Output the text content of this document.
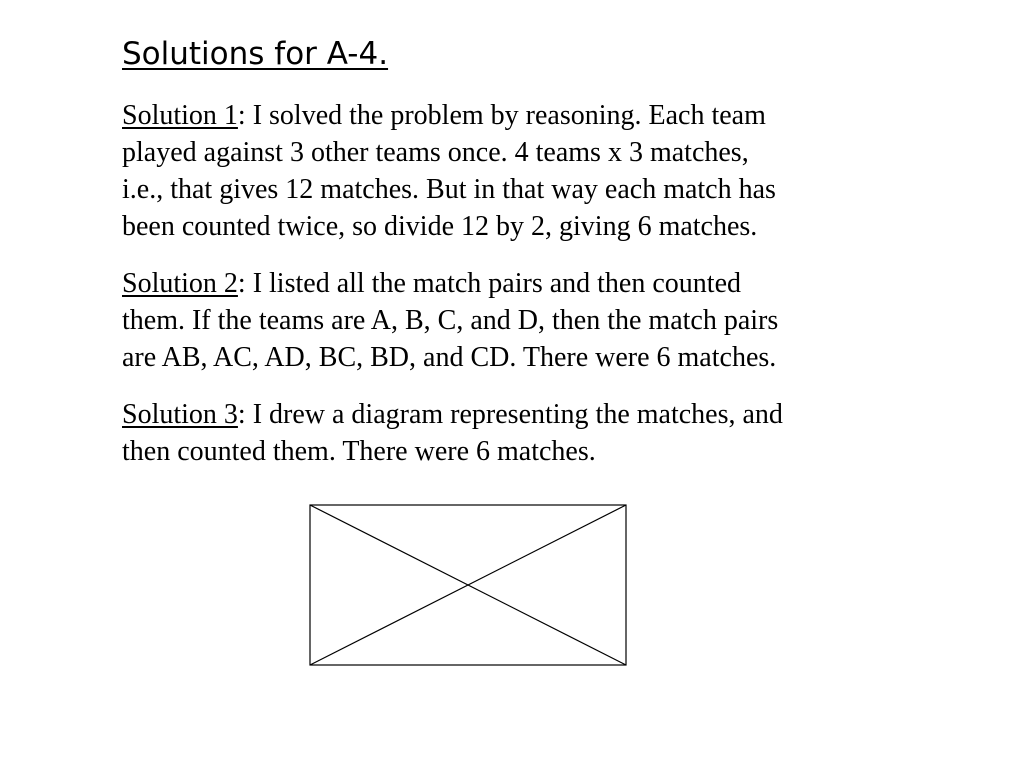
Solutions for A-4.

Solution 1: I solved the problem by reasoning. Each team
played against 3 other teams once. 4 teams x 3 matches,
i.e., that gives 12 matches. But in that way each match has
been counted twice, so divide 12 by 2, giving 6 matches.

Solution 2: I listed all the match pairs and then counted
them. If the teams are A, B, C, and D, then the match pairs
are AB, AC, AD, BC, BD, and CD. There were 6 matches.

Solution 3: I drew a diagram representing the matches, and
then counted them. There were 6 matches.
